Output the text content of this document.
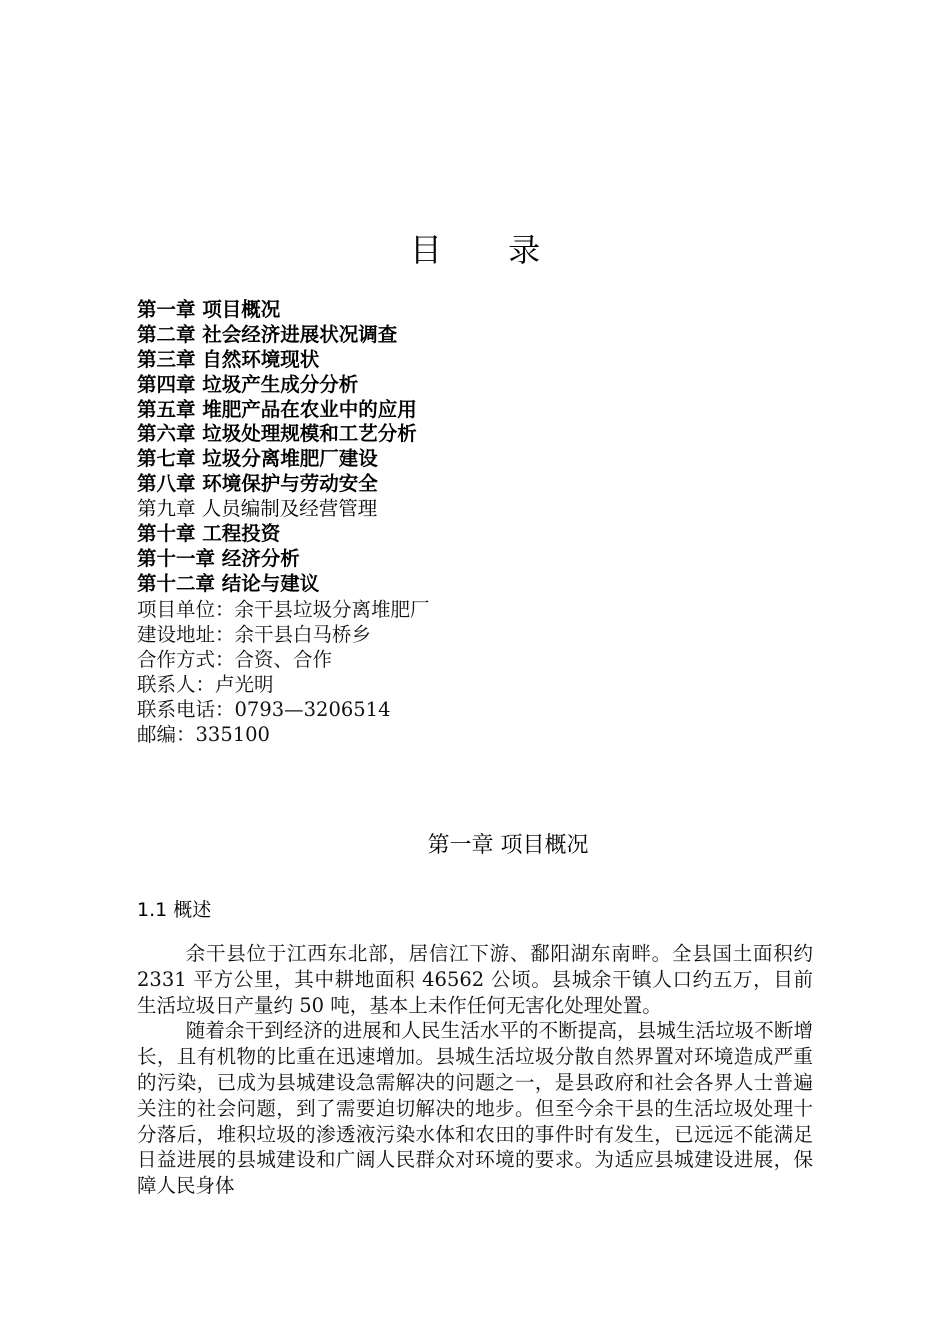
目 录
第一章 项目概况
第二章 社会经济进展状况调查
第三章 自然环境现状
第四章 垃圾产生成分分析
第五章 堆肥产品在农业中的应用
第六章 垃圾处理规模和工艺分析
第七章 垃圾分离堆肥厂建设
第八章 环境保护与劳动安全
第九章 人员编制及经营管理
第十章 工程投资
第十一章 经济分析
第十二章 结论与建议
项目单位：余干县垃圾分离堆肥厂
建设地址：余干县白马桥乡
合作方式：合资、合作
联系人：卢光明
联系电话：0793—3206514
邮编：335100
第一章 项目概况
1.1 概述

余干县位于江西东北部，居信江下游、鄱阳湖东南畔。全县国土面积约 2331 平方公里，其中耕地面积 46562 公顷。县城余干镇人口约五万，目前生活垃圾日产量约 50 吨，基本上未作任何无害化处理处置。

随着余干到经济的进展和人民生活水平的不断提高，县城生活垃圾不断增长，且有机物的比重在迅速增加。县城生活垃圾分散自然界置对环境造成严重的污染，已成为县城建设急需解决的问题之一，是县政府和社会各界人士普遍关注的社会问题，到了需要迫切解决的地步。但至今余干县的生活垃圾处理十分落后，堆积垃圾的渗透液污染水体和农田的事件时有发生，已远远不能满足日益进展的县城建设和广阔人民群众对环境的要求。为适应县城建设进展，保障人民身体
